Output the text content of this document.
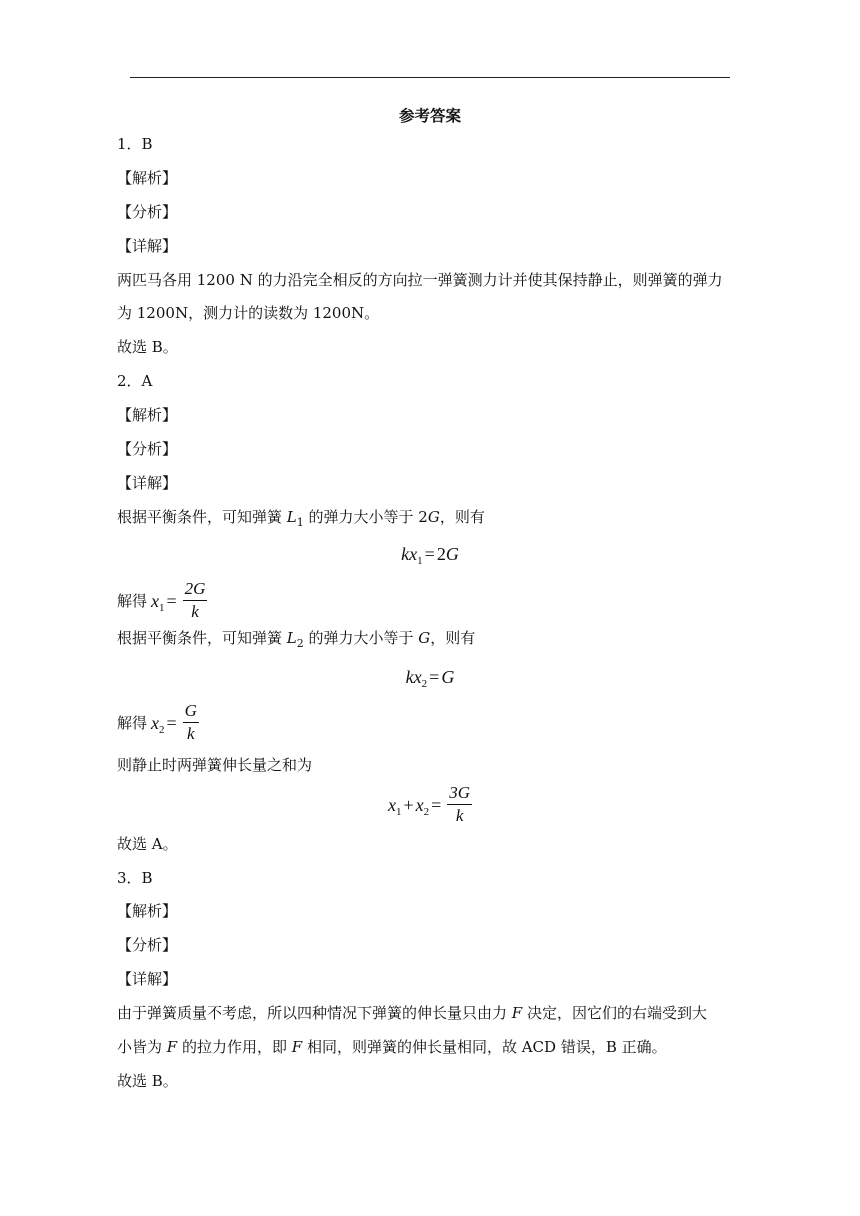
参考答案
1．B
【解析】
【分析】
【详解】
两匹马各用 1200 N 的力沿完全相反的方向拉一弹簧测力计并使其保持静止，则弹簧的弹力
为 1200N，测力计的读数为 1200N。
故选 B。
2．A
【解析】
【分析】
【详解】
根据平衡条件，可知弹簧 $L_1$ 的弹力大小等于 2G，则有
$kx_1 = 2G$
解得 $x_1 = \frac{2G}{k}$
根据平衡条件，可知弹簧 $L_2$ 的弹力大小等于 G，则有
$kx_2 = G$
解得 $x_2 = \frac{G}{k}$
则静止时两弹簧伸长量之和为
$x_1 + x_2 = \frac{3G}{k}$
故选 A。
3．B
【解析】
【分析】
【详解】
由于弹簧质量不考虑，所以四种情况下弹簧的伸长量只由力 F 决定，因它们的右端受到大
小皆为 F 的拉力作用，即 F 相同，则弹簧的伸长量相同，故 ACD 错误，B 正确。
故选 B。
